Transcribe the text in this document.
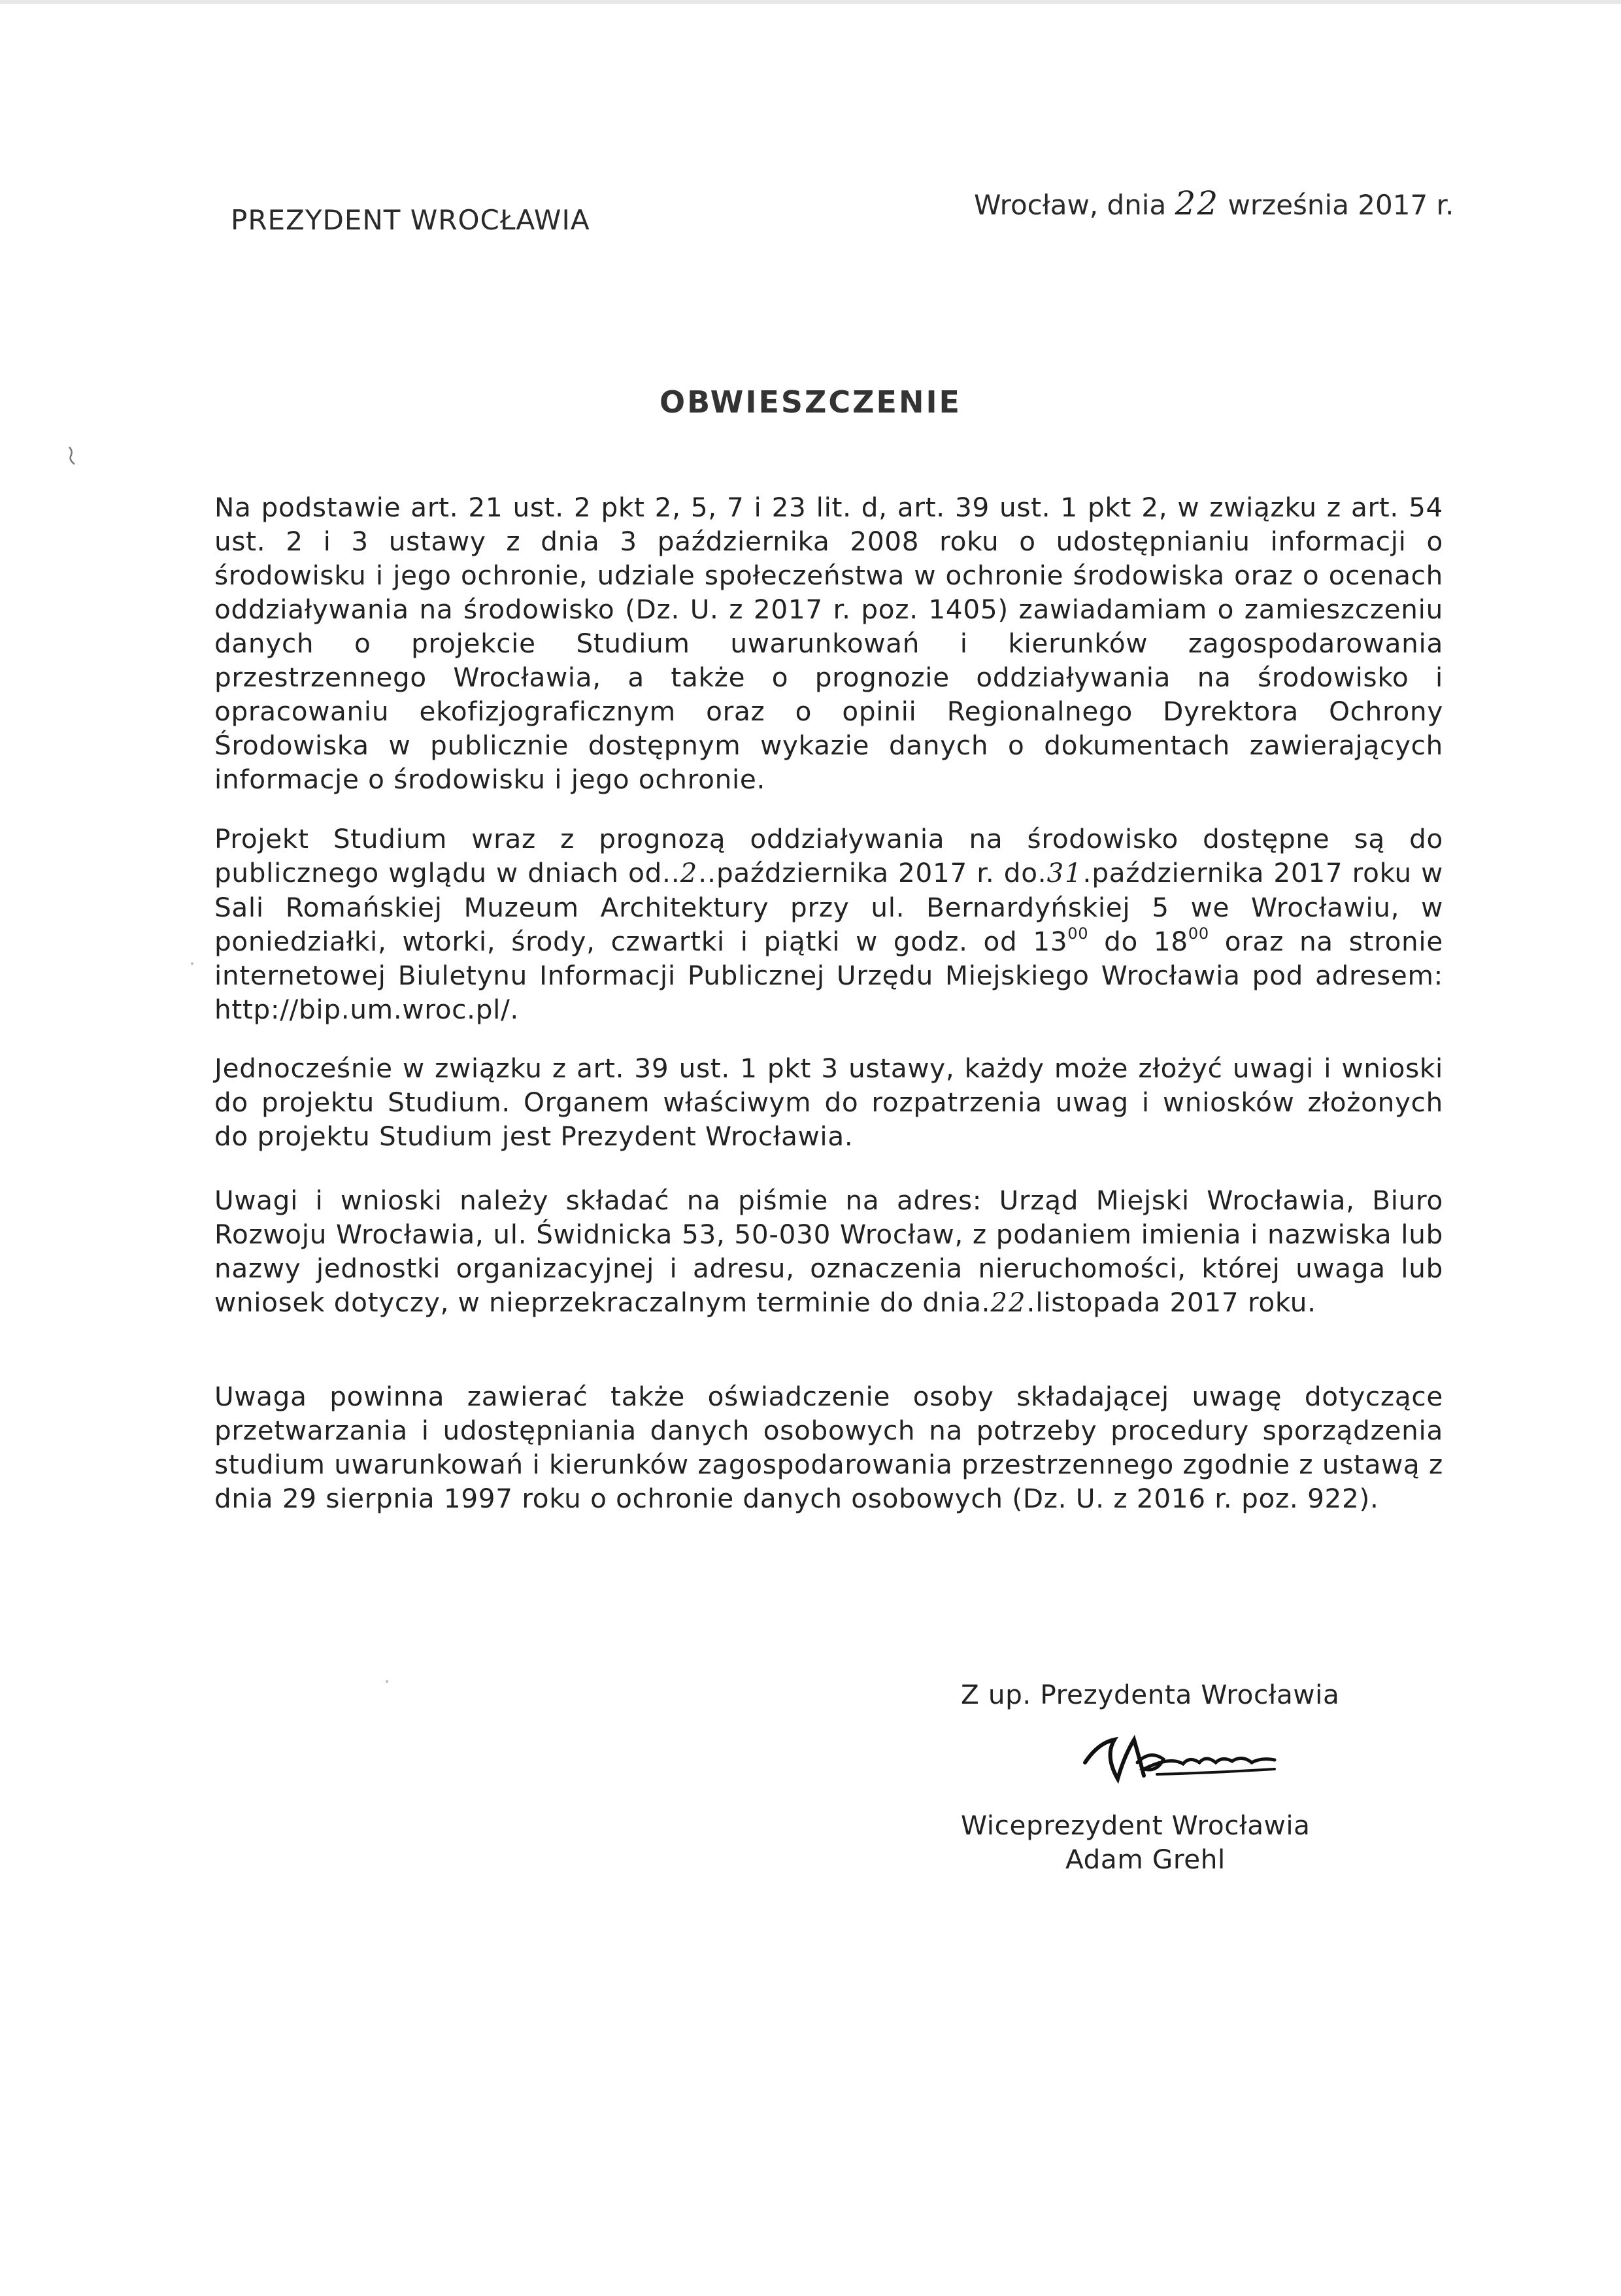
PREZYDENT WROCŁAWIA	Wrocław, dnia 22 września 2017 r.
OBWIESZCZENIE

Na podstawie art. 21 ust. 2 pkt 2, 5, 7 i 23 lit. d, art. 39 ust. 1 pkt 2, w związku z art. 54 ust. 2 i 3 ustawy z dnia 3 października 2008 roku o udostępnianiu informacji o środowisku i jego ochronie, udziale społeczeństwa w ochronie środowiska oraz o ocenach oddziaływania na środowisko (Dz. U. z 2017 r. poz. 1405) zawiadamiam o zamieszczeniu danych o projekcie Studium uwarunkowań i kierunków zagospodarowania przestrzennego Wrocławia, a także o prognozie oddziaływania na środowisko i opracowaniu ekofizjograficznym oraz o opinii Regionalnego Dyrektora Ochrony Środowiska w publicznie dostępnym wykazie danych o dokumentach zawierających informacje o środowisku i jego ochronie.

Projekt Studium wraz z prognozą oddziaływania na środowisko dostępne są do publicznego wglądu w dniach od..2..października 2017 r. do.31.października 2017 roku w Sali Romańskiej Muzeum Architektury przy ul. Bernardyńskiej 5 we Wrocławiu, w poniedziałki, wtorki, środy, czwartki i piątki w godz. od $13^{00}$ do $18^{00}$ oraz na stronie internetowej Biuletynu Informacji Publicznej Urzędu Miejskiego Wrocławia pod adresem: http://bip.um.wroc.pl/.

Jednocześnie w związku z art. 39 ust. 1 pkt 3 ustawy, każdy może złożyć uwagi i wnioski do projektu Studium. Organem właściwym do rozpatrzenia uwag i wniosków złożonych do projektu Studium jest Prezydent Wrocławia.

Uwagi i wnioski należy składać na piśmie na adres: Urząd Miejski Wrocławia, Biuro Rozwoju Wrocławia, ul. Świdnicka 53, 50-030 Wrocław, z podaniem imienia i nazwiska lub nazwy jednostki organizacyjnej i adresu, oznaczenia nieruchomości, której uwaga lub wniosek dotyczy, w nieprzekraczalnym terminie do dnia.22.listopada 2017 roku.

Uwaga powinna zawierać także oświadczenie osoby składającej uwagę dotyczące przetwarzania i udostępniania danych osobowych na potrzeby procedury sporządzenia studium uwarunkowań i kierunków zagospodarowania przestrzennego zgodnie z ustawą z dnia 29 sierpnia 1997 roku o ochronie danych osobowych (Dz. U. z 2016 r. poz. 922).

Z up. Prezydenta Wrocławia
Wiceprezydent Wrocławia
Adam Grehl
